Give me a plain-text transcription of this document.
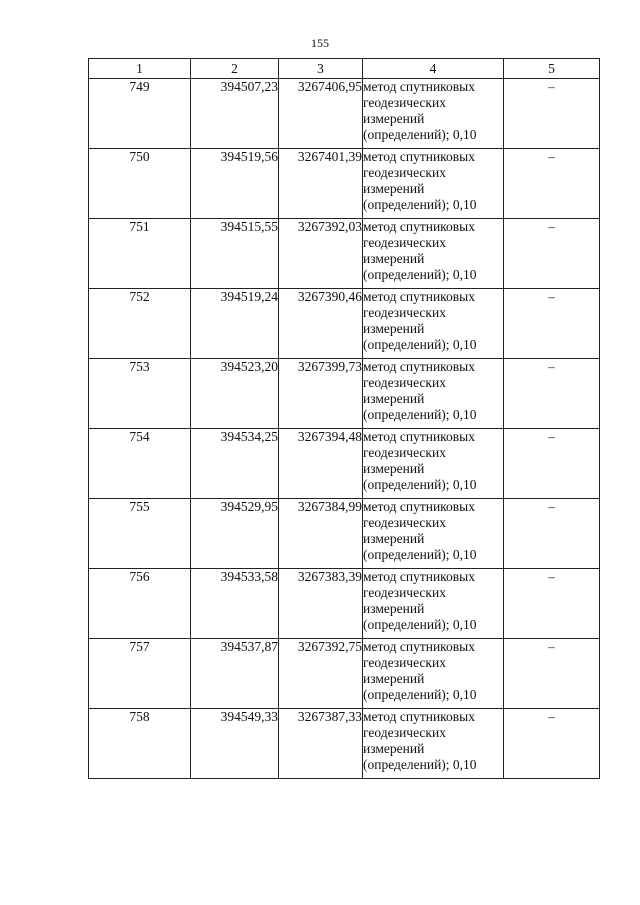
155
1	2	3	4	5
749	394507,23	3267406,95	метод спутниковых
геодезических
измерений
(определений); 0,10	–
750	394519,56	3267401,39	метод спутниковых
геодезических
измерений
(определений); 0,10	–
751	394515,55	3267392,03	метод спутниковых
геодезических
измерений
(определений); 0,10	–
752	394519,24	3267390,46	метод спутниковых
геодезических
измерений
(определений); 0,10	–
753	394523,20	3267399,73	метод спутниковых
геодезических
измерений
(определений); 0,10	–
754	394534,25	3267394,48	метод спутниковых
геодезических
измерений
(определений); 0,10	–
755	394529,95	3267384,99	метод спутниковых
геодезических
измерений
(определений); 0,10	–
756	394533,58	3267383,39	метод спутниковых
геодезических
измерений
(определений); 0,10	–
757	394537,87	3267392,75	метод спутниковых
геодезических
измерений
(определений); 0,10	–
758	394549,33	3267387,33	метод спутниковых
геодезических
измерений
(определений); 0,10	–
